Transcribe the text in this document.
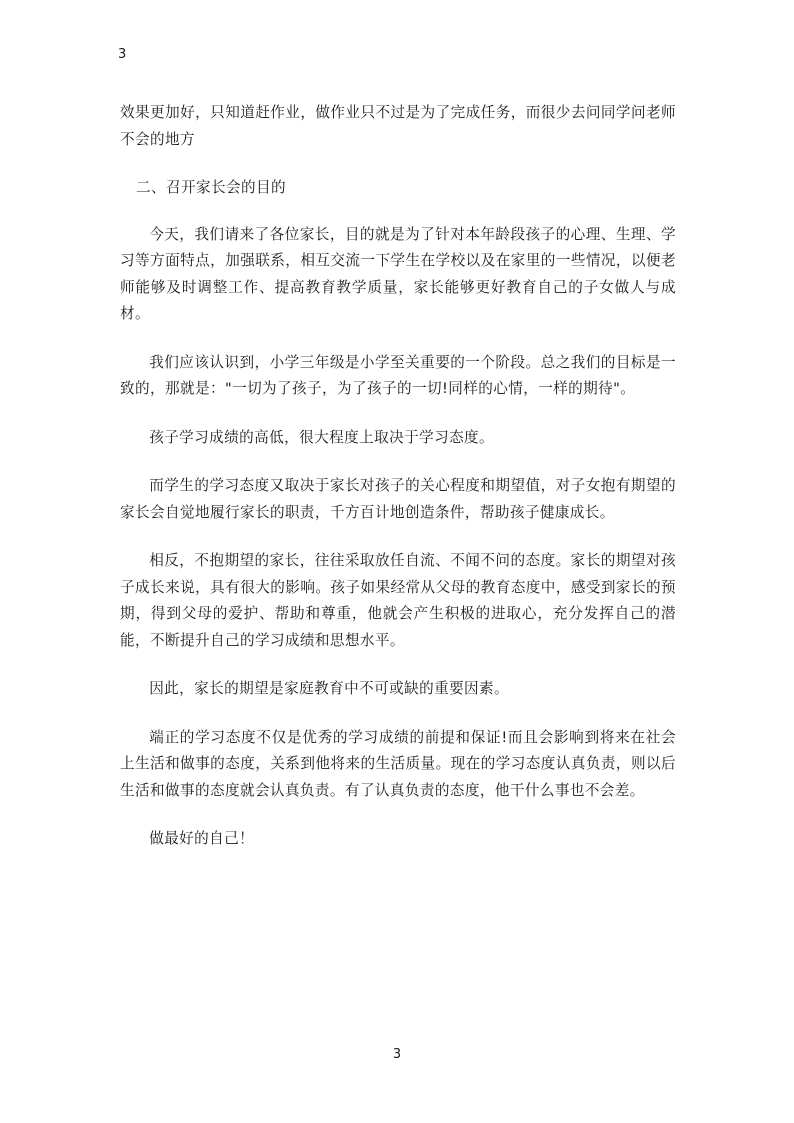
3

效果更加好，只知道赶作业，做作业只不过是为了完成任务，而很少去问同学问老师不会的地方

二、召开家长会的目的

今天，我们请来了各位家长，目的就是为了针对本年龄段孩子的心理、生理、学习等方面特点，加强联系，相互交流一下学生在学校以及在家里的一些情况，以便老师能够及时调整工作、提高教育教学质量，家长能够更好教育自己的子女做人与成材。

我们应该认识到，小学三年级是小学至关重要的一个阶段。总之我们的目标是一致的，那就是："一切为了孩子，为了孩子的一切!同样的心情，一样的期待"。

孩子学习成绩的高低，很大程度上取决于学习态度。

而学生的学习态度又取决于家长对孩子的关心程度和期望值，对子女抱有期望的家长会自觉地履行家长的职责，千方百计地创造条件，帮助孩子健康成长。

相反，不抱期望的家长，往往采取放任自流、不闻不问的态度。家长的期望对孩子成长来说，具有很大的影响。孩子如果经常从父母的教育态度中，感受到家长的预期，得到父母的爱护、帮助和尊重，他就会产生积极的进取心，充分发挥自己的潜能，不断提升自己的学习成绩和思想水平。

因此，家长的期望是家庭教育中不可或缺的重要因素。

端正的学习态度不仅是优秀的学习成绩的前提和保证!而且会影响到将来在社会上生活和做事的态度，关系到他将来的生活质量。现在的学习态度认真负责，则以后生活和做事的态度就会认真负责。有了认真负责的态度，他干什么事也不会差。

做最好的自己！

3
